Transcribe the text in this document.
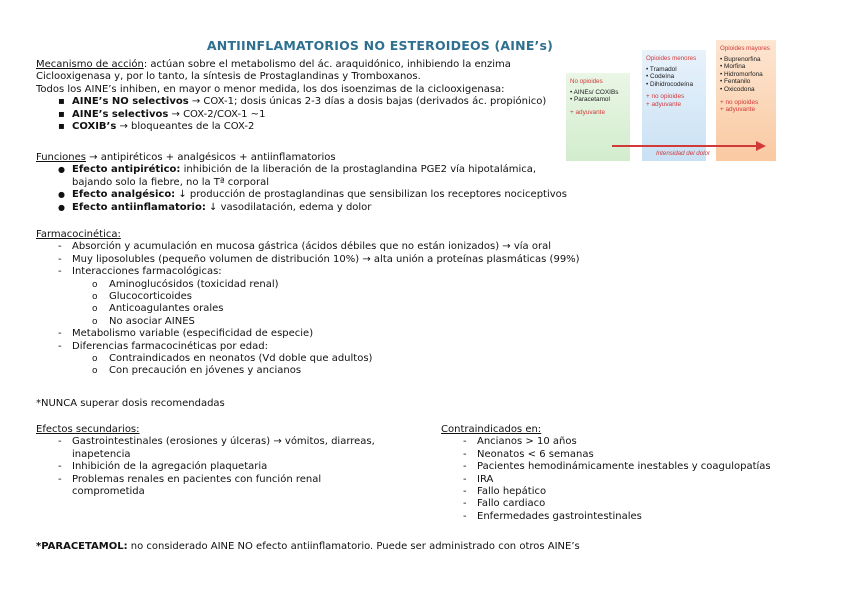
ANTIINFLAMATORIOS NO ESTEROIDEOS (AINE’s)

Mecanismo de acción: actúan sobre el metabolismo del ác. araquidónico, inhibiendo la enzima

Ciclooxigenasa y, por lo tanto, la síntesis de Prostaglandinas y Tromboxanos.

Todos los AINE’s inhiben, en mayor o menor medida, los dos isoenzimas de la ciclooxigenasa:

▪ AINE’s NO selectivos → COX-1; dosis únicas 2-3 días a dosis bajas (derivados ác. propiónico)
▪ AINE’s selectivos → COX-2/COX-1 ~1
▪ COXIB’s → bloqueantes de la COX-2

Funciones → antipiréticos + analgésicos + antiinflamatorios

● Efecto antipirético: inhibición de la liberación de la prostaglandina PGE2 vía hipotalámica,
bajando solo la fiebre, no la Tª corporal
● Efecto analgésico: ↓ producción de prostaglandinas que sensibilizan los receptores nociceptivos
● Efecto antiinflamatorio: ↓ vasodilatación, edema y dolor

Farmacocinética:

- Absorción y acumulación en mucosa gástrica (ácidos débiles que no están ionizados) → vía oral
- Muy liposolubles (pequeño volumen de distribución 10%) → alta unión a proteínas plasmáticas (99%)
- Interacciones farmacológicas:
o Aminoglucósidos (toxicidad renal)
o Glucocorticoides
o Anticoagulantes orales
o No asociar AINES
- Metabolismo variable (especificidad de especie)
- Diferencias farmacocinéticas por edad:
o Contraindicados en neonatos (Vd doble que adultos)
o Con precaución en jóvenes y ancianos

*NUNCA superar dosis recomendadas

Efectos secundarios:

- Gastrointestinales (erosiones y úlceras) → vómitos, diarreas,
inapetencia
- Inhibición de la agregación plaquetaria
- Problemas renales en pacientes con función renal
comprometida

Contraindicados en:

- Ancianos > 10 años
- Neonatos < 6 semanas
- Pacientes hemodinámicamente inestables y coagulopatías
- IRA
- Fallo hepático
- Fallo cardiaco
- Enfermedades gastrointestinales

*PARACETAMOL: no considerado AINE NO efecto antiinflamatorio. Puede ser administrado con otros AINE’s

No opioides
• AINEs/ COXIBs
• Paracetamol
+ adyuvante
Opioides menores
• Tramadol
• Codeína
• Dihidrocodeína
+ no opioides
+ adyuvante
Opioides mayores
• Buprenorfina
• Morfina
• Hidromorfona
• Fentanilo
• Oxicodona
+ no opioides
+ adyuvante
Intensidad del dolor
